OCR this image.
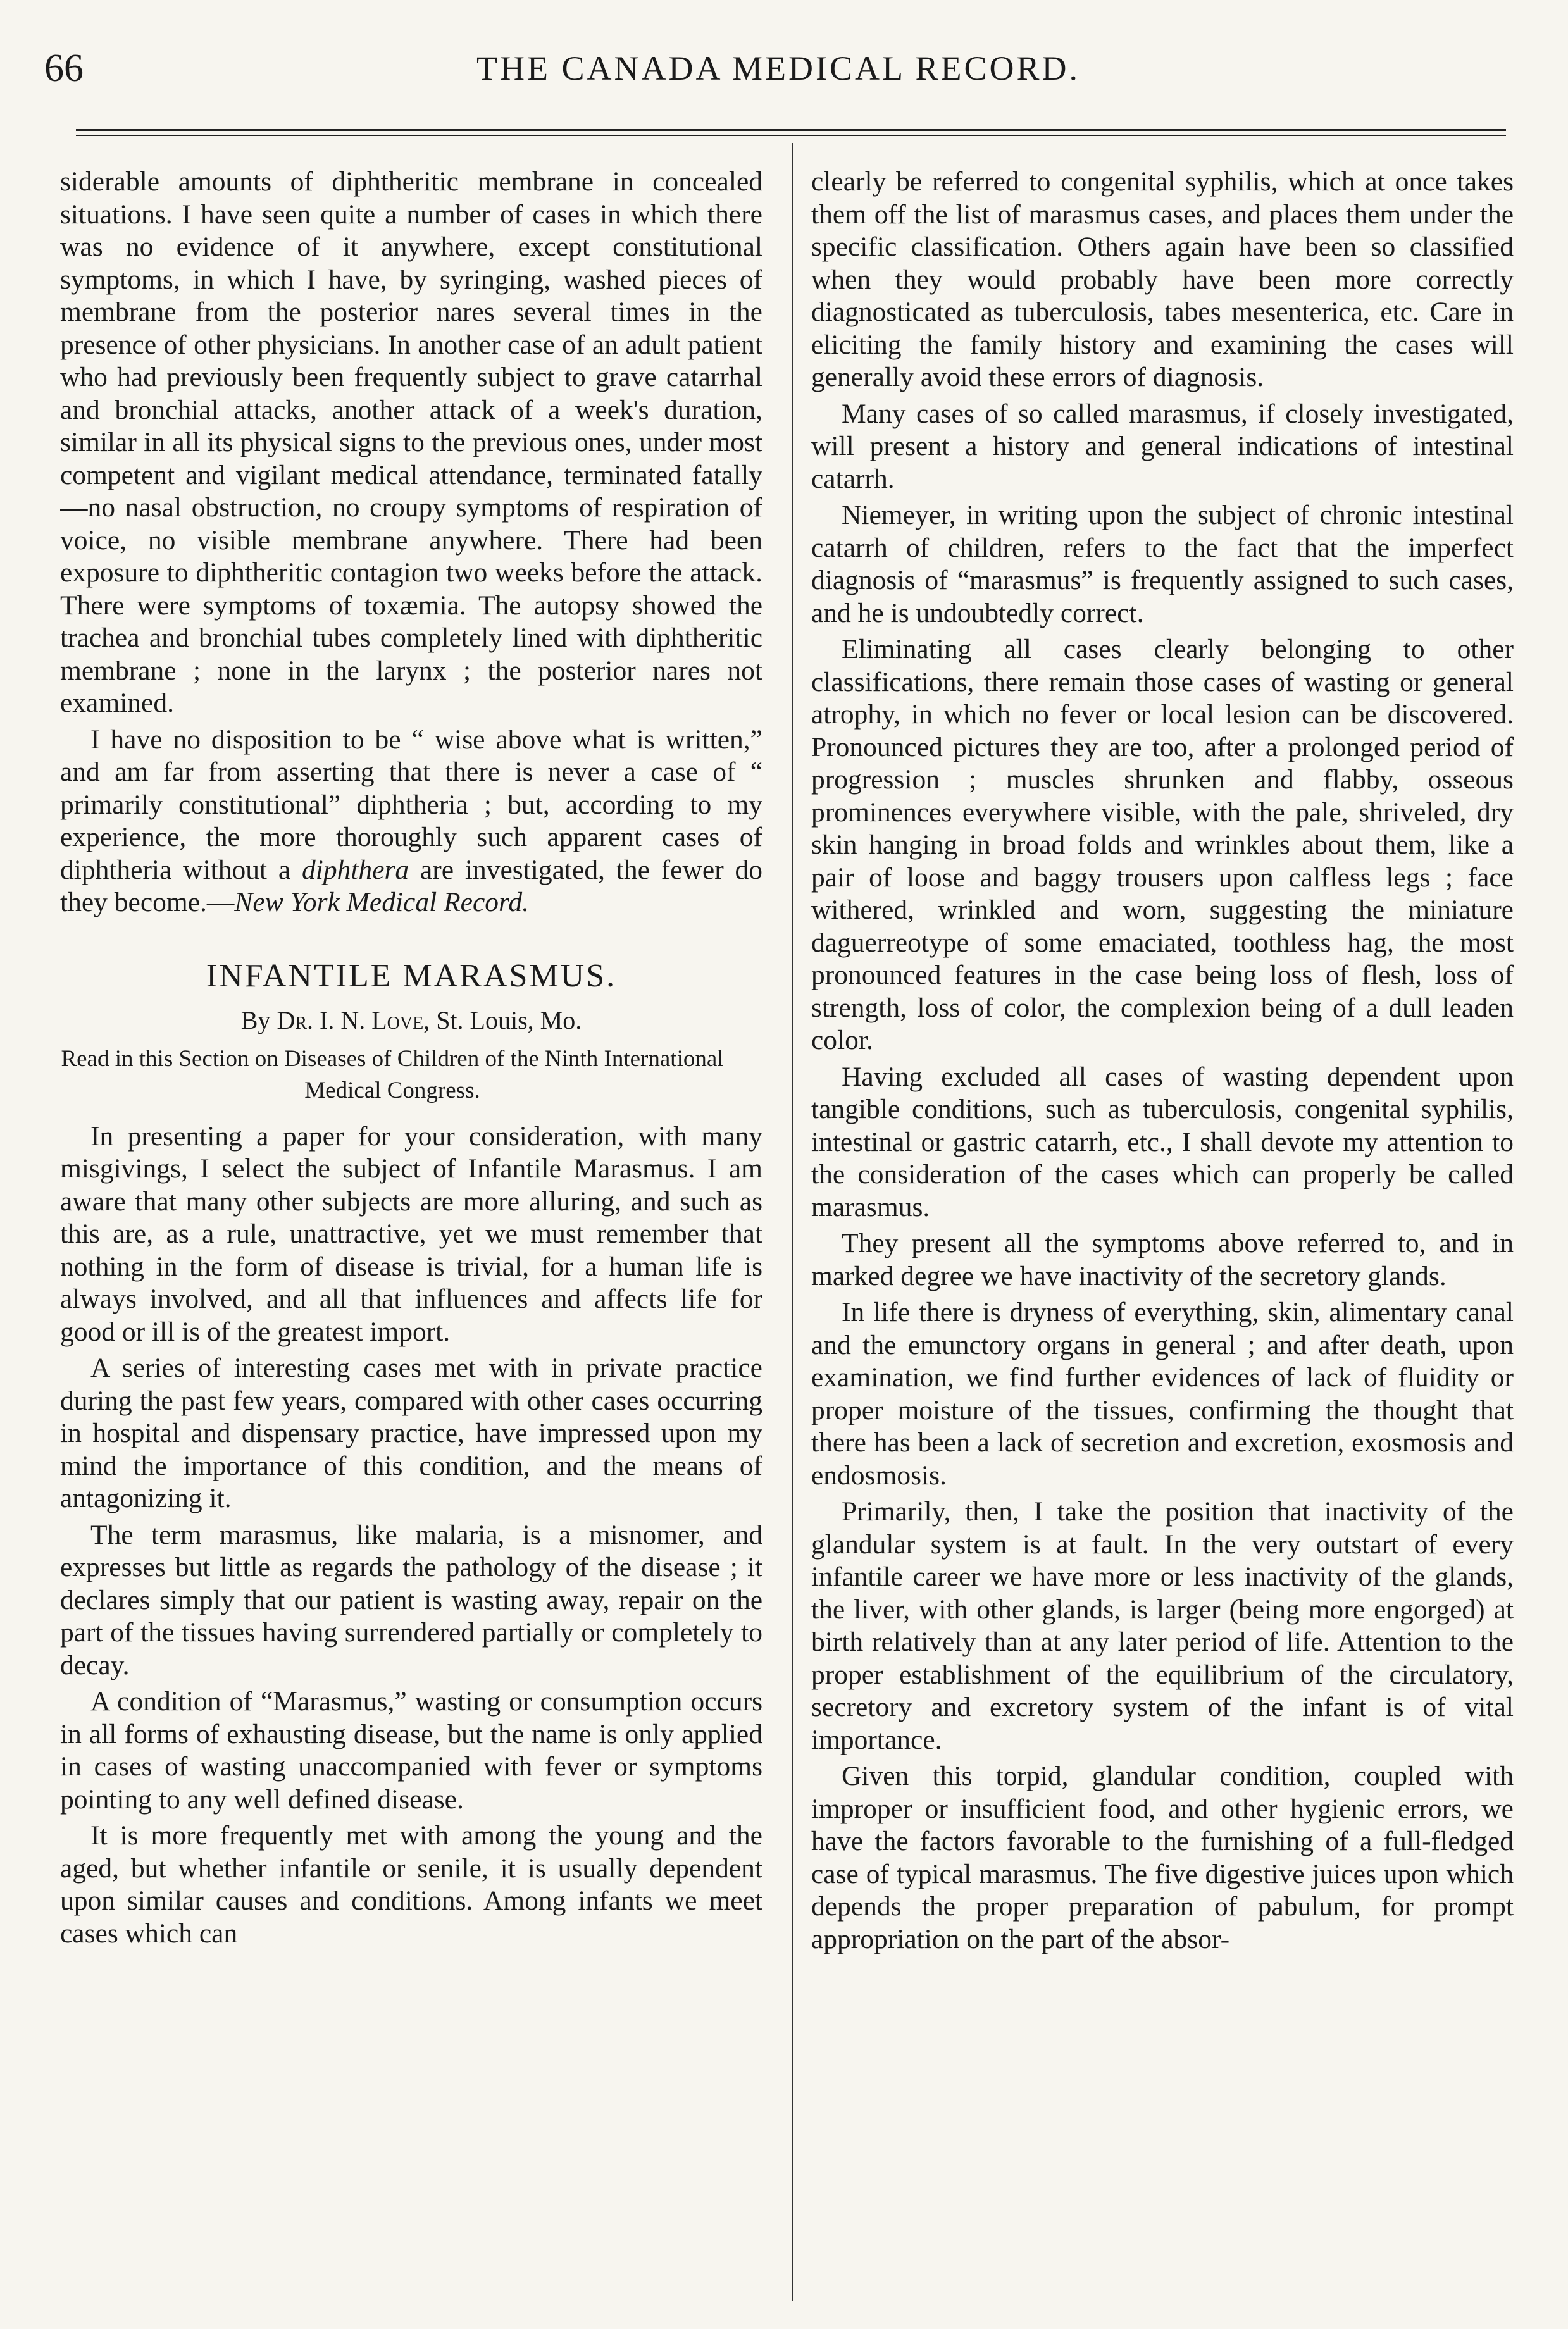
66	THE CANADA MEDICAL RECORD.

siderable amounts of diphtheritic membrane in concealed situations. I have seen quite a number of cases in which there was no evidence of it anywhere, except constitutional symptoms, in which I have, by syringing, washed pieces of membrane from the posterior nares several times in the presence of other physicians. In another case of an adult patient who had previously been frequently subject to grave catarrhal and bronchial attacks, another attack of a week's duration, similar in all its physical signs to the previous ones, under most competent and vigilant medical attendance, terminated fatally—no nasal obstruction, no croupy symptoms of respiration of voice, no visible membrane anywhere. There had been exposure to diphtheritic contagion two weeks before the attack. There were symptoms of toxæmia. The autopsy showed the trachea and bronchial tubes completely lined with diphtheritic membrane ; none in the larynx ; the posterior nares not examined.

I have no disposition to be “ wise above what is written,” and am far from asserting that there is never a case of “ primarily constitutional” diphtheria ; but, according to my experience, the more thoroughly such apparent cases of diphtheria without a diphthera are investigated, the fewer do they become.—New York Medical Record.

INFANTILE MARASMUS.
By Dr. I. N. Love, St. Louis, Mo.
Read in this Section on Diseases of Children of the Ninth International Medical Congress.

In presenting a paper for your consideration, with many misgivings, I select the subject of Infantile Marasmus. I am aware that many other subjects are more alluring, and such as this are, as a rule, unattractive, yet we must remember that nothing in the form of disease is trivial, for a human life is always involved, and all that influences and affects life for good or ill is of the greatest import.

A series of interesting cases met with in private practice during the past few years, compared with other cases occurring in hospital and dispensary practice, have impressed upon my mind the importance of this condition, and the means of antagonizing it.

The term marasmus, like malaria, is a misnomer, and expresses but little as regards the pathology of the disease ; it declares simply that our patient is wasting away, repair on the part of the tissues having surrendered partially or completely to decay.

A condition of “Marasmus,” wasting or consumption occurs in all forms of exhausting disease, but the name is only applied in cases of wasting unaccompanied with fever or symptoms pointing to any well defined disease.

It is more frequently met with among the young and the aged, but whether infantile or senile, it is usually dependent upon similar causes and conditions. Among infants we meet cases which can

clearly be referred to congenital syphilis, which at once takes them off the list of marasmus cases, and places them under the specific classification. Others again have been so classified when they would probably have been more correctly diagnosticated as tuberculosis, tabes mesenterica, etc. Care in eliciting the family history and examining the cases will generally avoid these errors of diagnosis.

Many cases of so called marasmus, if closely investigated, will present a history and general indications of intestinal catarrh.

Niemeyer, in writing upon the subject of chronic intestinal catarrh of children, refers to the fact that the imperfect diagnosis of “marasmus” is frequently assigned to such cases, and he is undoubtedly correct.

Eliminating all cases clearly belonging to other classifications, there remain those cases of wasting or general atrophy, in which no fever or local lesion can be discovered. Pronounced pictures they are too, after a prolonged period of progression ; muscles shrunken and flabby, osseous prominences everywhere visible, with the pale, shriveled, dry skin hanging in broad folds and wrinkles about them, like a pair of loose and baggy trousers upon calfless legs ; face withered, wrinkled and worn, suggesting the miniature daguerreotype of some emaciated, toothless hag, the most pronounced features in the case being loss of flesh, loss of strength, loss of color, the complexion being of a dull leaden color.

Having excluded all cases of wasting dependent upon tangible conditions, such as tuberculosis, congenital syphilis, intestinal or gastric catarrh, etc., I shall devote my attention to the consideration of the cases which can properly be called marasmus.

They present all the symptoms above referred to, and in marked degree we have inactivity of the secretory glands.

In life there is dryness of everything, skin, alimentary canal and the emunctory organs in general ; and after death, upon examination, we find further evidences of lack of fluidity or proper moisture of the tissues, confirming the thought that there has been a lack of secretion and excretion, exosmosis and endosmosis.

Primarily, then, I take the position that inactivity of the glandular system is at fault. In the very outstart of every infantile career we have more or less inactivity of the glands, the liver, with other glands, is larger (being more engorged) at birth relatively than at any later period of life. Attention to the proper establishment of the equilibrium of the circulatory, secretory and excretory system of the infant is of vital importance.

Given this torpid, glandular condition, coupled with improper or insufficient food, and other hygienic errors, we have the factors favorable to the furnishing of a full-fledged case of typical marasmus. The five digestive juices upon which depends the proper preparation of pabulum, for prompt appropriation on the part of the absor-
